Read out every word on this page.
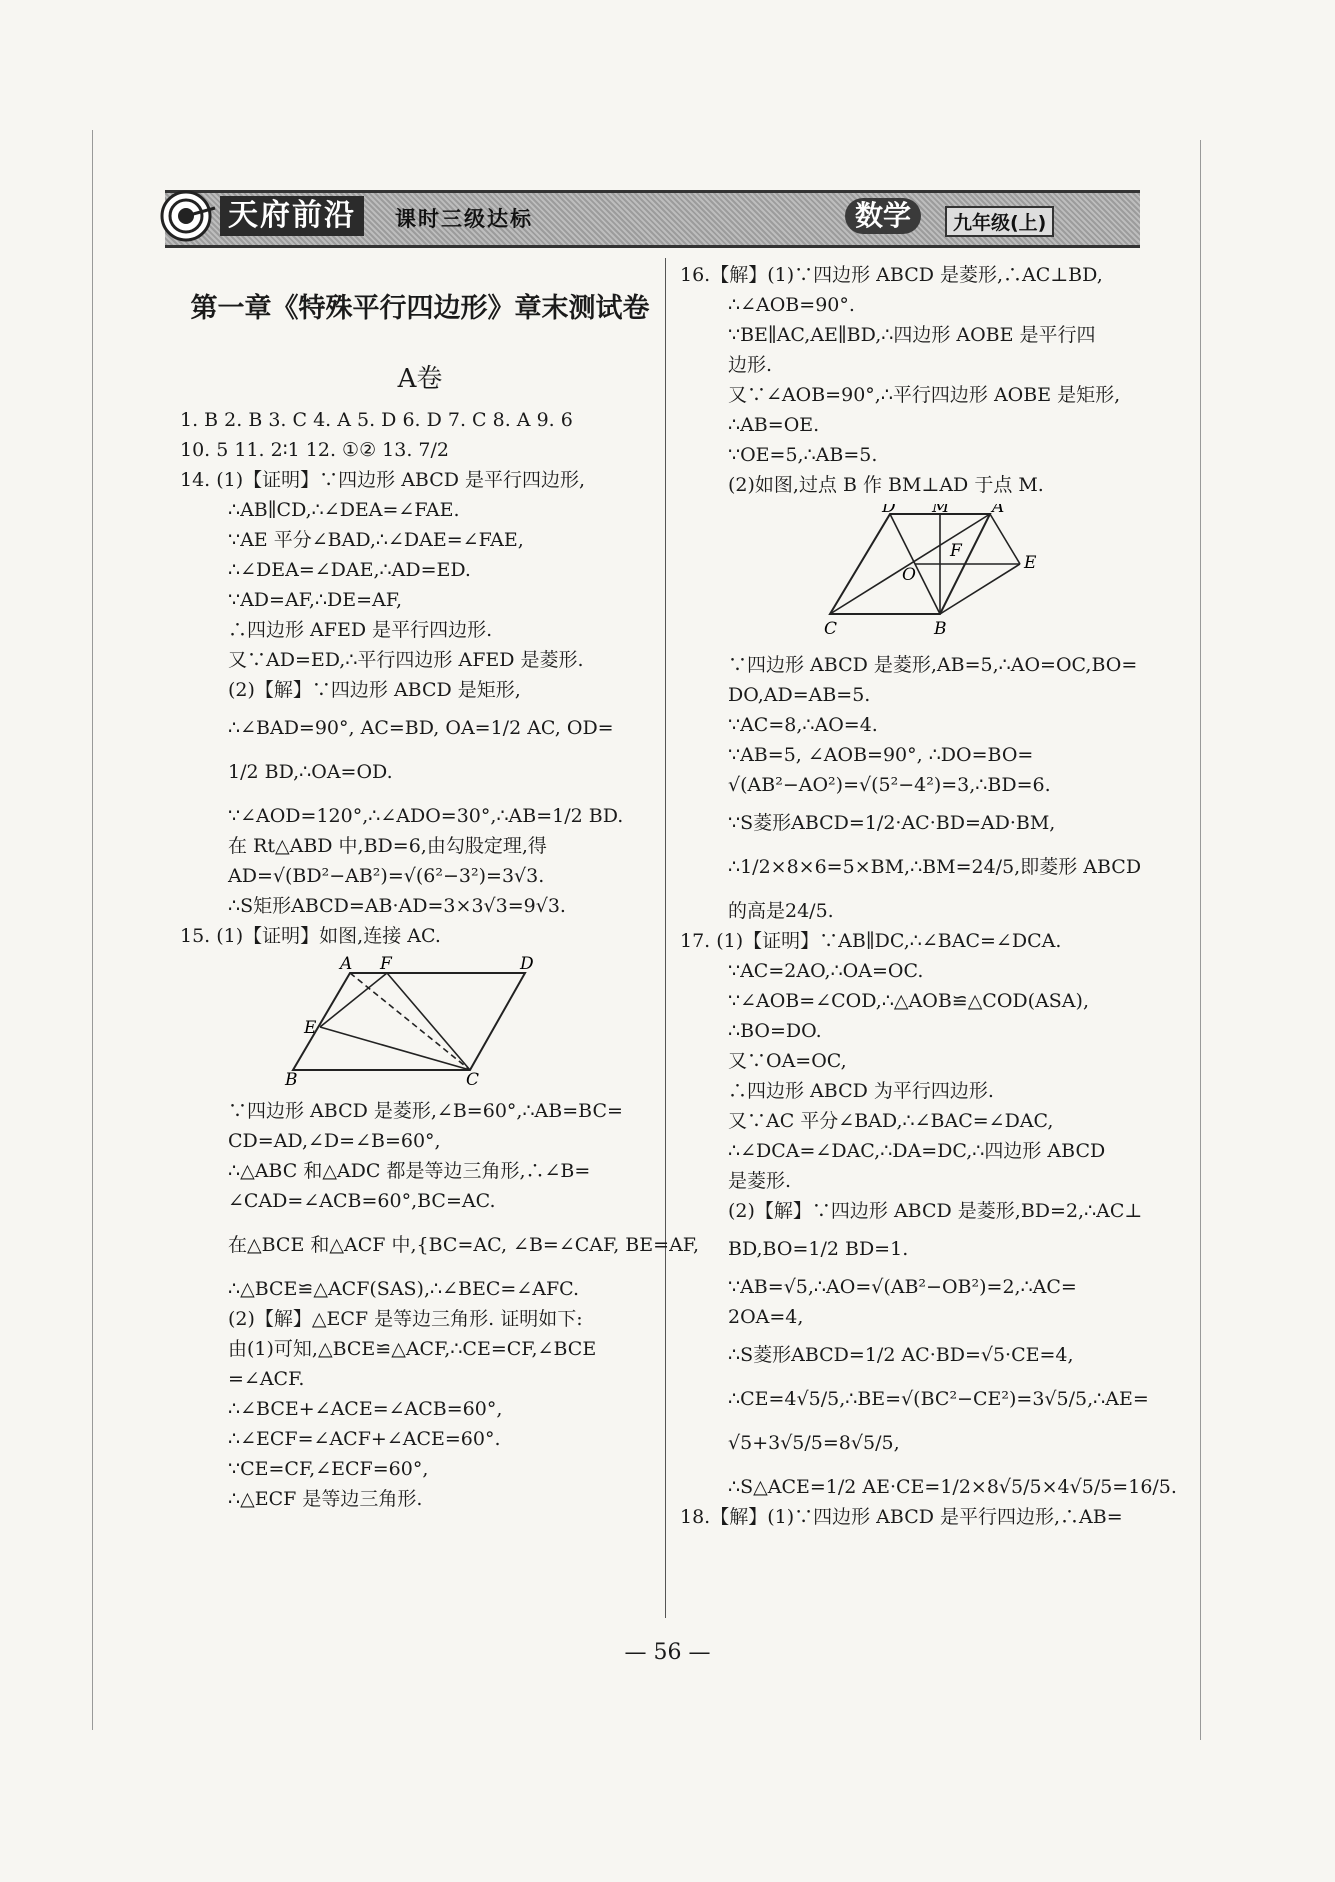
天府前沿	课时三级达标	数学	九年级(上)
第一章《特殊平行四边形》章末测试卷
A卷

1. B 2. B 3. C 4. A 5. D 6. D 7. C 8. A 9. 6

10. 5 11. 2∶1 12. ①② 13. 7/2

14. (1)【证明】∵四边形 ABCD 是平行四边形,

∴AB∥CD,∴∠DEA=∠FAE.

∵AE 平分∠BAD,∴∠DAE=∠FAE,

∴∠DEA=∠DAE,∴AD=ED.

∵AD=AF,∴DE=AF,

∴四边形 AFED 是平行四边形.

又∵AD=ED,∴平行四边形 AFED 是菱形.

(2)【解】∵四边形 ABCD 是矩形,

∴∠BAD=90°, AC=BD, OA=1/2 AC, OD=

1/2 BD,∴OA=OD.

∵∠AOD=120°,∴∠ADO=30°,∴AB=1/2 BD.

在 Rt△ABD 中,BD=6,由勾股定理,得

AD=√(BD²−AB²)=√(6²−3²)=3√3.

∴S矩形ABCD=AB·AD=3×3√3=9√3.

15. (1)【证明】如图,连接 AC.

A F	D
E
B	C

∵四边形 ABCD 是菱形,∠B=60°,∴AB=BC=

CD=AD,∠D=∠B=60°,

∴△ABC 和△ADC 都是等边三角形,∴∠B=

∠CAD=∠ACB=60°,BC=AC.

在△BCE 和△ACF 中,{BC=AC, ∠B=∠CAF, BE=AF,

∴△BCE≌△ACF(SAS),∴∠BEC=∠AFC.

(2)【解】△ECF 是等边三角形. 证明如下:

由(1)可知,△BCE≌△ACF,∴CE=CF,∠BCE

=∠ACF.

∴∠BCE+∠ACE=∠ACB=60°,

∴∠ECF=∠ACF+∠ACE=60°.

∵CE=CF,∠ECF=60°,

∴△ECF 是等边三角形.

16.【解】(1)∵四边形 ABCD 是菱形,∴AC⊥BD,

∴∠AOB=90°.

∵BE∥AC,AE∥BD,∴四边形 AOBE 是平行四

边形.

又∵∠AOB=90°,∴平行四边形 AOBE 是矩形,

∴AB=OE.

∵OE=5,∴AB=5.

(2)如图,过点 B 作 BM⊥AD 于点 M.

D M	A
F
O
E
C	B

∵四边形 ABCD 是菱形,AB=5,∴AO=OC,BO=

DO,AD=AB=5.

∵AC=8,∴AO=4.

∵AB=5, ∠AOB=90°, ∴DO=BO=

√(AB²−AO²)=√(5²−4²)=3,∴BD=6.

∵S菱形ABCD=1/2·AC·BD=AD·BM,

∴1/2×8×6=5×BM,∴BM=24/5,即菱形 ABCD

的高是24/5.

17. (1)【证明】∵AB∥DC,∴∠BAC=∠DCA.

∵AC=2AO,∴OA=OC.

∵∠AOB=∠COD,∴△AOB≌△COD(ASA),

∴BO=DO.

又∵OA=OC,

∴四边形 ABCD 为平行四边形.

又∵AC 平分∠BAD,∴∠BAC=∠DAC,

∴∠DCA=∠DAC,∴DA=DC,∴四边形 ABCD

是菱形.

(2)【解】∵四边形 ABCD 是菱形,BD=2,∴AC⊥

BD,BO=1/2 BD=1.

∵AB=√5,∴AO=√(AB²−OB²)=2,∴AC=

2OA=4,

∴S菱形ABCD=1/2 AC·BD=√5·CE=4,

∴CE=4√5/5,∴BE=√(BC²−CE²)=3√5/5,∴AE=

√5+3√5/5=8√5/5,

∴S△ACE=1/2 AE·CE=1/2×8√5/5×4√5/5=16/5.

18.【解】(1)∵四边形 ABCD 是平行四边形,∴AB=

— 56 —
